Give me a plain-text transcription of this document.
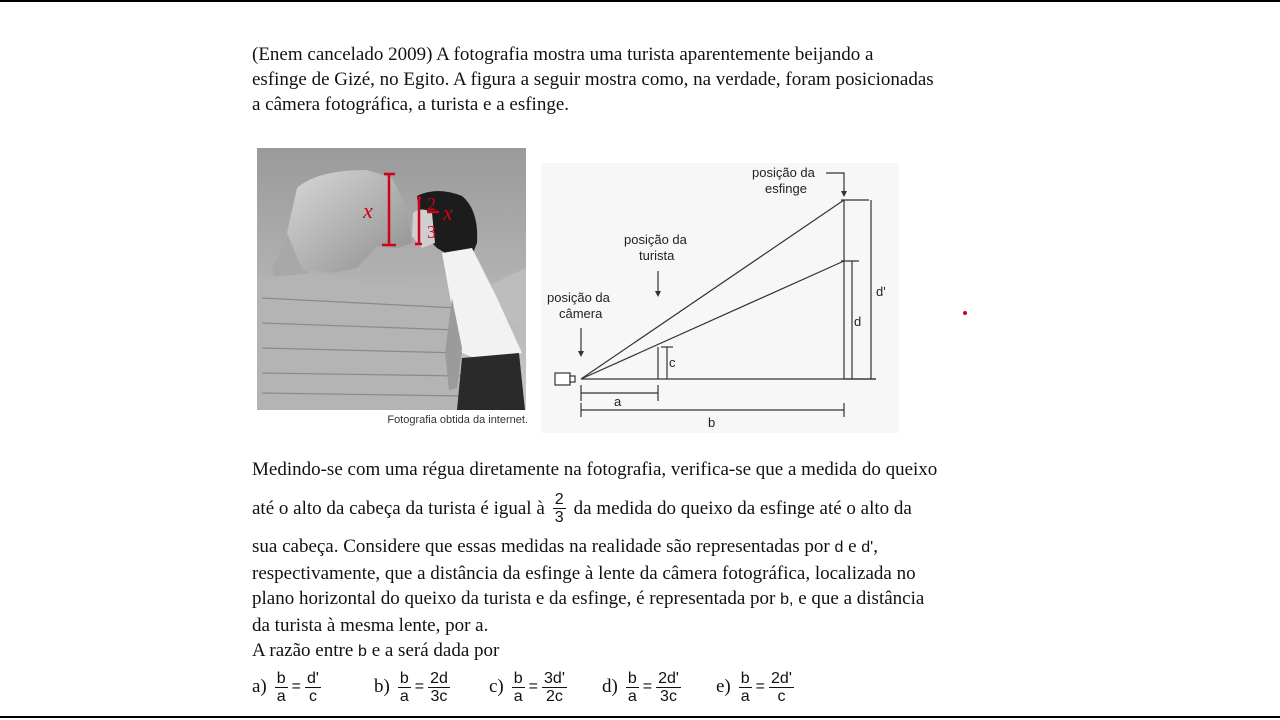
(Enem cancelado 2009) A fotografia mostra uma turista aparentemente beijando a
esfinge de Gizé, no Egito. A figura a seguir mostra como, na verdade, foram posicionadas
a câmera fotográfica, a turista e a esfinge.
x	2 x
3
Fotografia obtida da internet.
posição da
esfinge
posição da
turista
posição da
câmera
c
d
d'
a
b
Medindo-se com uma régua diretamente na fotografia, verifica-se que a medida do queixo
até o alto da cabeça da turista é igual à $\frac{2}{3}$ da medida do queixo da esfinge até o alto da
sua cabeça. Considere que essas medidas na realidade são representadas por d e d',
respectivamente, que a distância da esfinge à lente da câmera fotográfica, localizada no
plano horizontal do queixo da turista e da esfinge, é representada por b, e que a distância
da turista à mesma lente, por a.
A razão entre b e a será dada por
$a) \frac{b}{a} = \frac{d'}{c}$	$b) \frac{b}{a} = \frac{2d}{3c} c) \frac{b}{a} = \frac{3d'}{2c} d) \frac{b}{a} = \frac{2d'}{3c} e) \frac{b}{a} = \frac{2d'}{c}$
